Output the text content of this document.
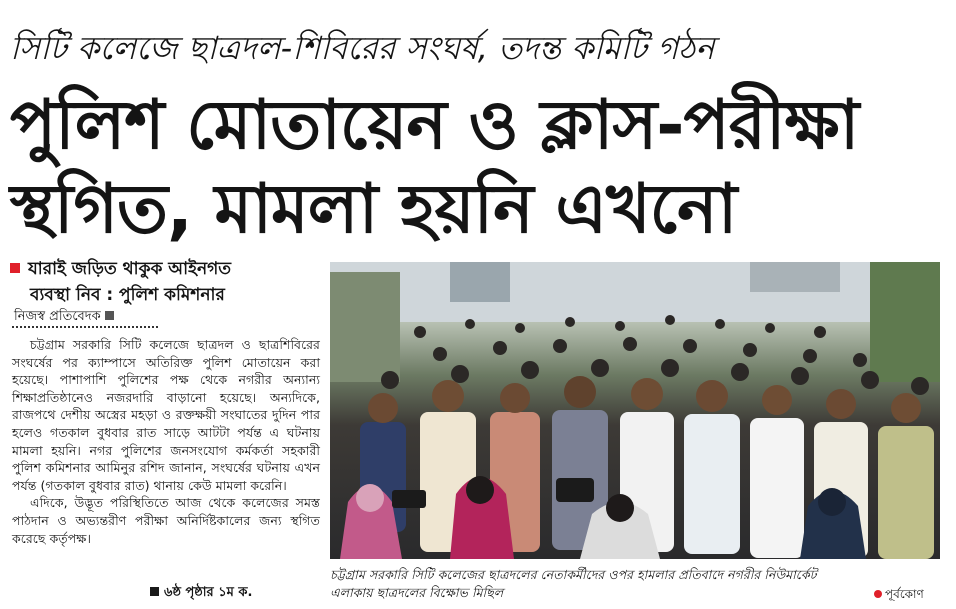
সিটি কলেজে ছাত্রদল-শিবিরের সংঘর্ষ, তদন্ত কমিটি গঠন
পুলিশ মোতায়েন ও ক্লাস-পরীক্ষা
স্থগিত, মামলা হয়নি এখনো
যারাই জড়িত থাকুক আইনগত
ব্যবস্থা নিব : পুলিশ কমিশনার
নিজস্ব প্রতিবেদক

চট্টগ্রাম সরকারি সিটি কলেজে ছাত্রদল ও ছাত্রশিবিরের সংঘর্ষের পর ক্যাম্পাসে অতিরিক্ত পুলিশ মোতায়েন করা হয়েছে। পাশাপাশি পুলিশের পক্ষ থেকে নগরীর অন্যান্য শিক্ষাপ্রতিষ্ঠানেও নজরদারি বাড়ানো হয়েছে। অন্যদিকে, রাজপথে দেশীয় অস্ত্রের মহড়া ও রক্তক্ষয়ী সংঘাতের দুদিন পার হলেও গতকাল বুধবার রাত সাড়ে আটটা পর্যন্ত এ ঘটনায় মামলা হয়নি। নগর পুলিশের জনসংযোগ কর্মকর্তা সহকারী পুলিশ কমিশনার আমিনুর রশিদ জানান, সংঘর্ষের ঘটনায় এখন পর্যন্ত (গতকাল বুধবার রাত) থানায় কেউ মামলা করেনি।

এদিকে, উদ্ভূত পরিস্থিতিতে আজ থেকে কলেজের সমস্ত পাঠদান ও অভ্যন্তরীণ পরীক্ষা অনির্দিষ্টকালের জন্য স্থগিত করেছে কর্তৃপক্ষ।

৬ষ্ঠ পৃষ্ঠার ১ম ক.
চট্টগ্রাম সরকারি সিটি কলেজের ছাত্রদলের নেতাকর্মীদের ওপর হামলার প্রতিবাদে নগরীর নিউমার্কেট
এলাকায় ছাত্রদলের বিক্ষোভ মিছিল	পূর্বকোণ
